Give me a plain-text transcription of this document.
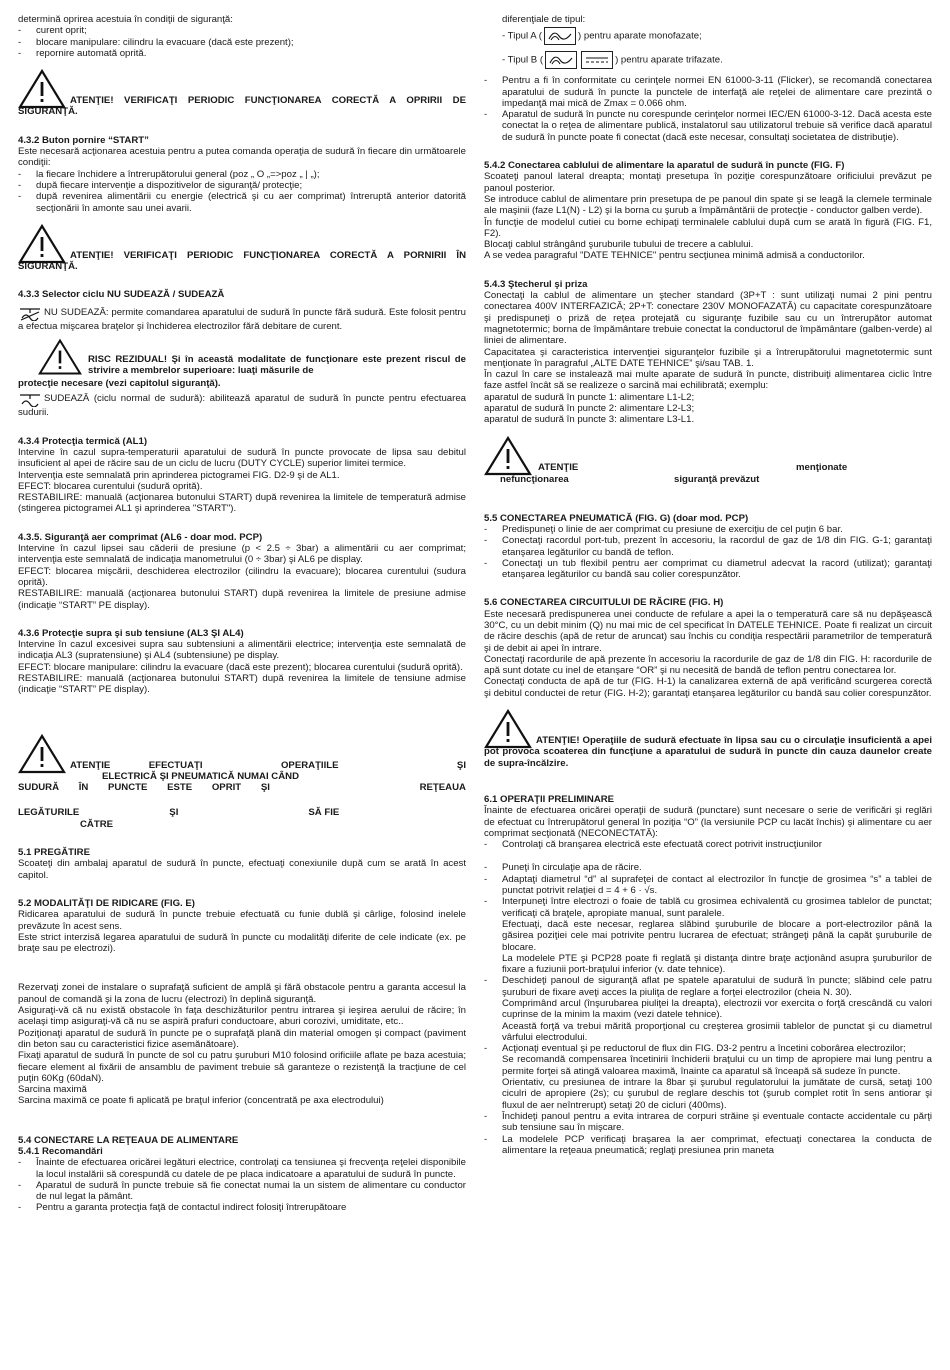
determină oprirea acestuia în condiţii de siguranţă:

- curent oprit;
- blocare manipulare: cilindru la evacuare (dacă este prezent);
- repornire automată oprită.

ATENŢIE! VERIFICAŢI PERIODIC FUNCŢIONAREA CORECTĂ A OPRIRII DE SIGURANŢĂ.

4.3.2 Buton pornire “START”

Este necesară acţionarea acestuia pentru a putea comanda operaţia de sudură în fiecare din următoarele condiţii:

- la fiecare închidere a întrerupătorului general (poz „ O „=>poz „ | „);
- după fiecare intervenţie a dispozitivelor de siguranţă/ protecţie;
- după revenirea alimentării cu energie (electrică şi cu aer comprimat) întreruptă anterior datorită secţionării în amonte sau unei avarii.

ATENŢIE! VERIFICAŢI PERIODIC FUNCŢIONAREA CORECTĂ A PORNIRII ÎN SIGURANŢĂ.

4.3.3 Selector ciclu NU SUDEAZĂ / SUDEAZĂ

NU SUDEAZĂ: permite comandarea aparatului de sudură în puncte fără sudură. Este folosit pentru a efectua mişcarea braţelor şi închiderea electrozilor fără debitare de curent.

RISC REZIDUAL! Şi în această modalitate de funcţionare este prezent riscul de strivire a membrelor superioare: luaţi măsurile de

protecţie necesare (vezi capitolul siguranţă).

SUDEAZĂ (ciclu normal de sudură): abilitează aparatul de sudură în puncte pentru efectuarea sudurii.

4.3.4 Protecţia termică (AL1)

Intervine în cazul supra-temperaturii aparatului de sudură în puncte provocate de lipsa sau debitul insuficient al apei de răcire sau de un ciclu de lucru (DUTY CYCLE) superior limitei termice.

Intervenţia este semnalată prin aprinderea pictogramei FIG. D2-9 şi de AL1.

EFECT: blocarea curentului (sudură oprită).

RESTABILIRE: manuală (acţionarea butonului START) după revenirea la limitele de temperatură admise (stingerea pictogramei AL1 şi aprinderea "START").

4.3.5. Siguranţă aer comprimat (AL6 - doar mod. PCP)

Intervine în cazul lipsei sau căderii de presiune (p < 2.5 ÷ 3bar) a alimentării cu aer comprimat; intervenţia este semnalată de indicaţia manometrului (0 ÷ 3bar) şi AL6 pe display.

EFECT: blocarea mişcării, deschiderea electrozilor (cilindru la evacuare); blocarea curentului (sudura oprită).

RESTABILIRE: manuală (acţionarea butonului START) după revenirea la limitele de presiune admise (indicaţie “START” PE display).

4.3.6 Protecţie supra şi sub tensiune (AL3 ŞI AL4)

Intervine în cazul excesivei supra sau subtensiuni a alimentării electrice; intervenţia este semnalată de indicaţia AL3 (supratensiune) şi AL4 (subtensiune) pe display.

EFECT: blocare manipulare: cilindru la evacuare (dacă este prezent); blocarea curentului (sudură oprită).

RESTABILIRE: manuală (acţionarea butonului START) după revenirea la limitele de tensiune admise (indicaţie “START” PE display).

ATENŢIE	EFECTUAŢI	OPERAŢIILE	ŞI

ELECTRICĂ ŞI PNEUMATICĂ NUMAI CÂND

SUDURĂ ÎN PUNCTE ESTE OPRIT ŞI	REŢEAUA
LEGĂTURILE	ŞI	SĂ FIE

CĂTRE

5.1 PREGĂTIRE

Scoateţi din ambalaj aparatul de sudură în puncte, efectuaţi conexiunile după cum se arată în acest capitol.

5.2 MODALITĂŢI DE RIDICARE (FIG. E)

Ridicarea aparatului de sudură în puncte trebuie efectuată cu funie dublă şi cârlige, folosind inelele prevăzute în acest sens.

Este strict interzisă legarea aparatului de sudură în puncte cu modalităţi diferite de cele indicate (ex. pe braţe sau pe electrozi).

Rezervaţi zonei de instalare o suprafaţă suficient de amplă şi fără obstacole pentru a garanta accesul la panoul de comandă şi la zona de lucru (electrozi) în deplină siguranţă.

Asiguraţi-vă că nu există obstacole în faţa deschizăturilor pentru intrarea şi ieşirea aerului de răcire; în acelaşi timp asiguraţi-vă că nu se aspiră prafuri conductoare, aburi corozivi, umiditate, etc..

Poziţionaţi aparatul de sudură în puncte pe o suprafaţă plană din material omogen şi compact (paviment din beton sau cu caracteristici fizice asemănătoare).

Fixaţi aparatul de sudură în puncte de sol cu patru şuruburi M10 folosind orificiile aflate pe baza acestuia; fiecare element al fixării de ansamblu de paviment trebuie să garanteze o rezistenţă la tracţiune de cel puţin 60Kg (60daN).

Sarcina maximă

Sarcina maximă ce poate fi aplicată pe braţul inferior (concentrată pe axa electrodului)

5.4 CONECTARE LA REŢEAUA DE ALIMENTARE

5.4.1 Recomandări

- Înainte de efectuarea oricărei legături electrice, controlaţi ca tensiunea şi frecvenţa reţelei disponibile la locul instalării să corespundă cu datele de pe placa indicatoare a aparatului de sudură în puncte.
- Aparatul de sudură în puncte trebuie să fie conectat numai la un sistem de alimentare cu conductor de nul legat la pământ.
- Pentru a garanta protecţia faţă de contactul indirect folosiţi întrerupătoare

diferenţiale de tipul:

- Tipul A (	) pentru aparate monofazate;

- Tipul B (	) pentru aparate trifazate.

- Pentru a fi în conformitate cu cerinţele normei EN 61000-3-11 (Flicker), se recomandă conectarea aparatului de sudură în puncte la punctele de interfaţă ale reţelei de alimentare care prezintă o impedanţă mai mică de Zmax = 0.066 ohm.
- Aparatul de sudură în puncte nu corespunde cerinţelor normei IEC/EN 61000-3-12. Dacă acesta este conectat la o reţea de alimentare publică, instalatorul sau utilizatorul trebuie să verifice dacă aparatul de sudură în puncte poate fi conectat (dacă este necesar, consultaţi societatea de distribuţie).

5.4.2 Conectarea cablului de alimentare la aparatul de sudură în puncte (FIG. F)

Scoateţi panoul lateral dreapta; montaţi presetupa în poziţie corespunzătoare orificiului prevăzut pe panoul posterior.

Se introduce cablul de alimentare prin presetupa de pe panoul din spate şi se leagă la clemele terminale ale maşinii (faze L1(N) - L2) şi la borna cu şurub a împământării de protecţie - conductor galben verde).

În funcţie de modelul cutiei cu borne echipaţi terminalele cablului după cum se arată în figură (FIG. F1, F2).

Blocaţi cablul strângând şuruburile tubului de trecere a cablului.

A se vedea paragraful "DATE TEHNICE" pentru secţiunea minimă admisă a conductorilor.

5.4.3 Ştecherul şi priza

Conectaţi la cablul de alimentare un ştecher standard (3P+T : sunt utilizaţi numai 2 pini pentru conectarea 400V INTERFAZICĂ; 2P+T: conectare 230V MONOFAZATĂ) cu capacitate corespunzătoare şi predispuneţi o priză de reţea protejată cu siguranţe fuzibile sau cu un întrerupător automat magnetotermic; borna de împământare trebuie conectat la conductorul de împământare (galben-verde) al liniei de alimentare.

Capacitatea şi caracteristica intervenţiei siguranţelor fuzibile şi a întrerupătorului magnetotermic sunt menţionate în paragraful „ALTE DATE TEHNICE” şi/sau TAB. 1.

În cazul în care se instalează mai multe aparate de sudură în puncte, distribuiţi alimentarea ciclic între faze astfel încât să se realizeze o sarcină mai echilibrată; exemplu:

aparatul de sudură în puncte 1: alimentare L1-L2;

aparatul de sudură în puncte 2: alimentare L2-L3;

aparatul de sudură în puncte 3: alimentare L3-L1.

ATENŢIE	menţionate
nefuncţionarea	siguranţă prevăzut

5.5 CONECTAREA PNEUMATICĂ (FIG. G) (doar mod. PCP)

- Predispuneţi o linie de aer comprimat cu presiune de exerciţiu de cel puţin 6 bar.
- Conectaţi racordul port-tub, prezent în accesoriu, la racordul de gaz de 1/8 din FIG. G-1; garantaţi etanşarea legăturilor cu bandă de teflon.
- Conectaţi un tub flexibil pentru aer comprimat cu diametrul adecvat la racord (utilizat); garantaţi etanşarea legăturilor cu bandă sau colier corespunzător.

5.6 CONECTAREA CIRCUITULUI DE RĂCIRE (FIG. H)

Este necesară predispunerea unei conducte de refulare a apei la o temperatură care să nu depăşească 30°C, cu un debit minim (Q) nu mai mic de cel specificat în DATELE TEHNICE. Poate fi realizat un circuit de răcire deschis (apă de retur de aruncat) sau închis cu condiţia respectării parametrilor de temperatură şi de debit ai apei în intrare.

Conectaţi racordurile de apă prezente în accesoriu la racordurile de gaz de 1/8 din FIG. H: racordurile de apă sunt dotate cu inel de etanşare “OR” şi nu necesită de bandă de teflon pentru conectarea lor.

Conectaţi conducta de apă de tur (FIG. H-1) la canalizarea externă de apă verificând scurgerea corectă şi debitul conductei de retur (FIG. H-2); garantaţi etanşarea legăturilor cu bandă sau colier corespunzător.

ATENŢIE! Operaţiile de sudură efectuate în lipsa sau cu o circulaţie insuficientă a apei pot provoca scoaterea din funcţiune a aparatului de sudură în puncte din cauza daunelor create de supra-încălzire.

6.1 OPERAŢII PRELIMINARE

Înainte de efectuarea oricărei operaţii de sudură (punctare) sunt necesare o serie de verificări şi reglări de efectuat cu întrerupătorul general în poziţia “O” (la versiunile PCP cu lacăt închis) şi alimentare cu aer comprimat secţionată (NECONECTATĂ):

- Controlaţi că branşarea electrică este efectuată corect potrivit instrucţiunilor
- Puneţi în circulaţie apa de răcire.
- Adaptaţi diametrul “d” al suprafeţei de contact al electrozilor în funcţie de grosimea “s” a tablei de punctat potrivit relaţiei d = 4 + 6 · √s.
- Interpuneţi între electrozi o foaie de tablă cu grosimea echivalentă cu grosimea tablelor de punctat; verificaţi că braţele, apropiate manual, sunt paralele.
Efectuaţi, dacă este necesar, reglarea slăbind şuruburile de blocare a port-electrozilor până la găsirea poziţiei cele mai potrivite pentru lucrarea de efectuat; strângeţi până la capăt şuruburile de blocare.
La modelele PTE şi PCP28 poate fi reglată şi distanţa dintre braţe acţionând asupra şuruburilor de fixare a fuziunii port-braţului inferior (v. date tehnice).
- Deschideţi panoul de siguranţă aflat pe spatele aparatului de sudură în puncte; slăbind cele patru şuruburi de fixare aveţi acces la piuliţa de reglare a forţei electrozilor (cheia N. 30).
Comprimând arcul (înşurubarea piuliţei la dreapta), electrozii vor exercita o forţă crescândă cu valori cuprinse de la minim la maxim (vezi datele tehnice).
Această forţă va trebui mărită proporţional cu creşterea grosimii tablelor de punctat şi cu diametrul vârfului electrodului.
- Acţionaţi eventual şi pe reductorul de flux din FIG. D3-2 pentru a încetini coborârea electrozilor;
Se recomandă compensarea încetinirii închiderii braţului cu un timp de apropiere mai lung pentru a permite forţei să atingă valoarea maximă, înainte ca aparatul să înceapă să sudeze în puncte.
Orientativ, cu presiunea de intrare la 8bar şi şurubul regulatorului la jumătate de cursă, setaţi 100 ciculri de apropiere (2s); cu şurubul de reglare deschis tot (şurub complet rotit în sens antiorar şi fluxul de aer neîntrerupt) setaţi 20 de cicluri (400ms).
- Închideţi panoul pentru a evita intrarea de corpuri străine şi eventuale contacte accidentale cu părţi sub tensiune sau în mişcare.
- La modelele PCP verificaţi braşarea la aer comprimat, efectuaţi conectarea la conducta de alimentare la reţeaua pneumatică; reglaţi presiunea prin maneta
